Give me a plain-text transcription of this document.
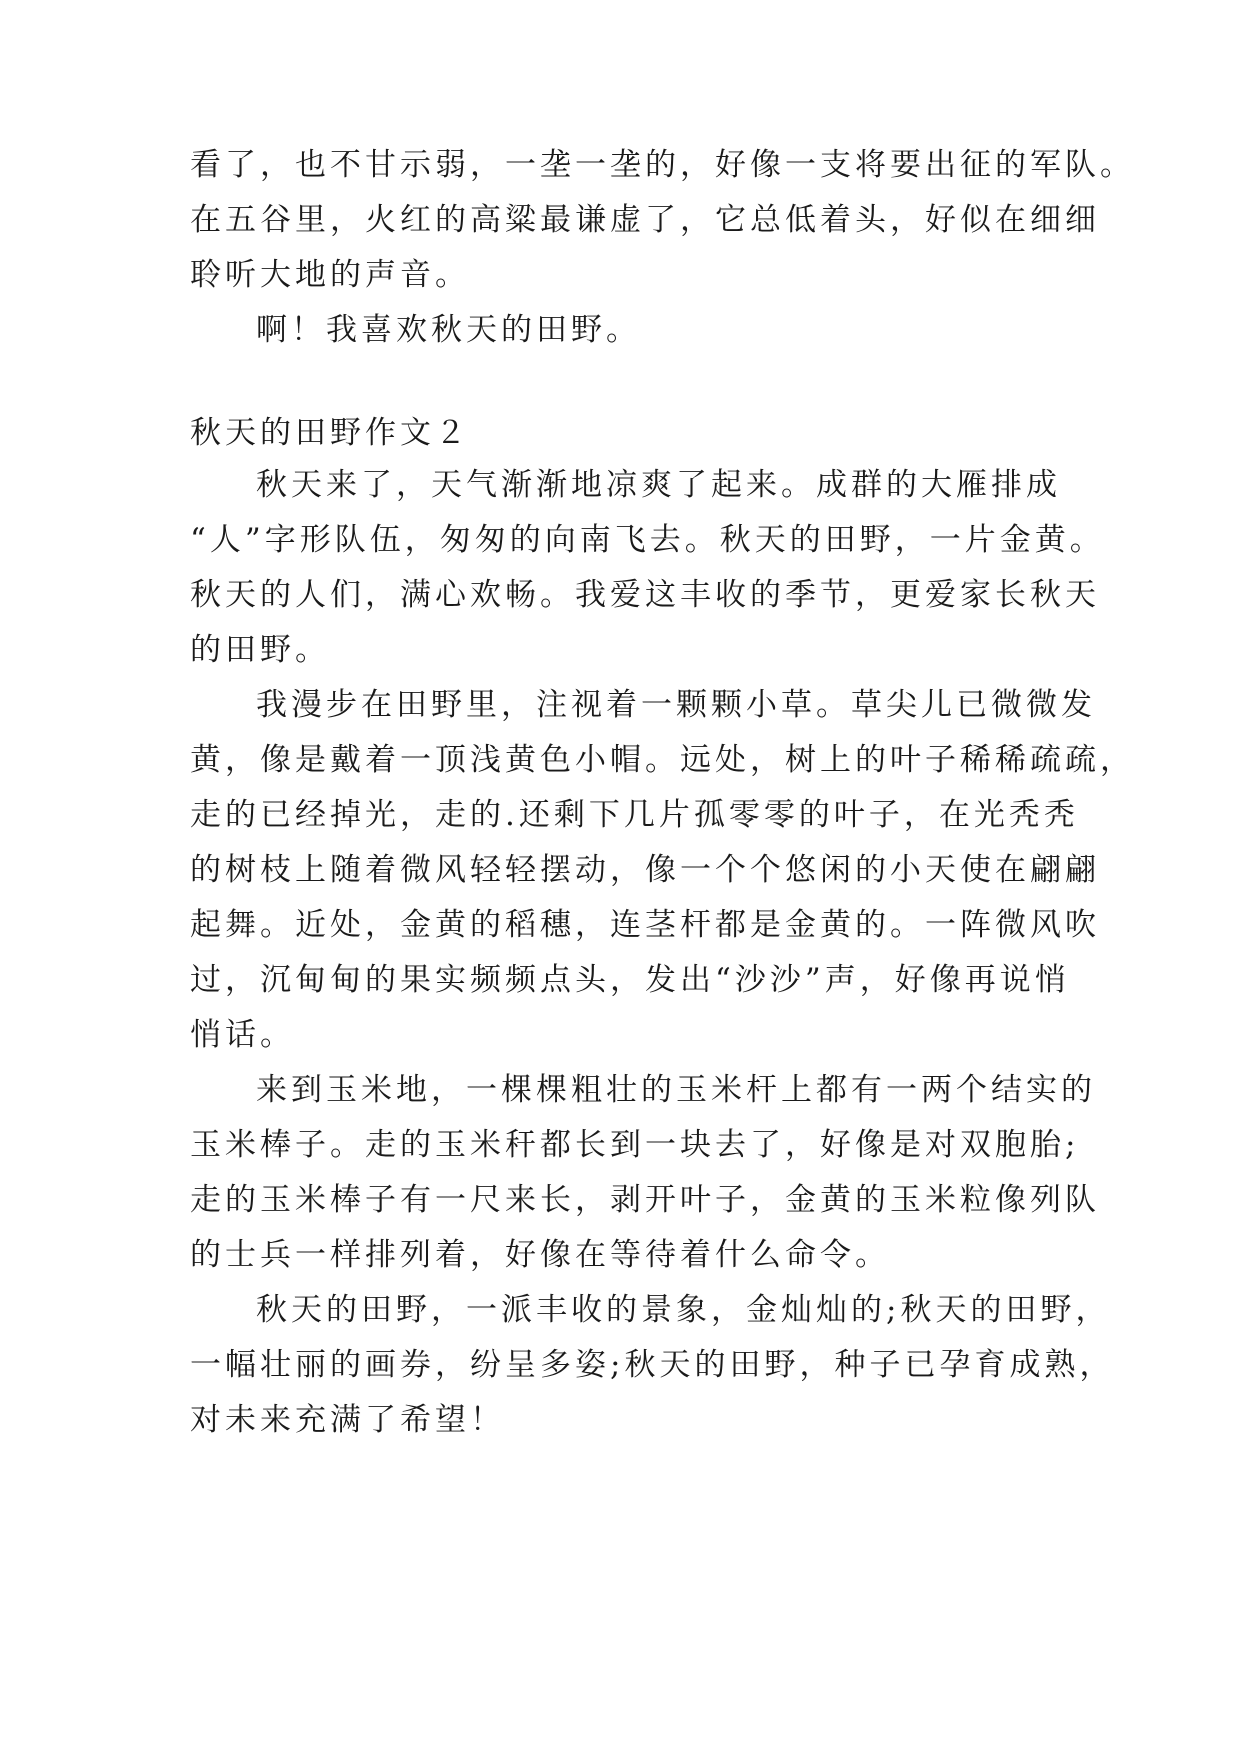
看了，也不甘示弱，一垄一垄的，好像一支将要出征的军队。
在五谷里，火红的高粱最谦虚了，它总低着头，好似在细细
聆听大地的声音。
啊！我喜欢秋天的田野。
秋天的田野作文２
秋天来了，天气渐渐地凉爽了起来。成群的大雁排成
“人”字形队伍，匆匆的向南飞去。秋天的田野，一片金黄。
秋天的人们，满心欢畅。我爱这丰收的季节，更爱家长秋天
的田野。
我漫步在田野里，注视着一颗颗小草。草尖儿已微微发
黄，像是戴着一顶浅黄色小帽。远处，树上的叶子稀稀疏疏，
走的已经掉光，走的.还剩下几片孤零零的叶子，在光秃秃
的树枝上随着微风轻轻摆动，像一个个悠闲的小天使在翩翩
起舞。近处，金黄的稻穗，连茎杆都是金黄的。一阵微风吹
过，沉甸甸的果实频频点头，发出“沙沙”声，好像再说悄
悄话。
来到玉米地，一棵棵粗壮的玉米杆上都有一两个结实的
玉米棒子。走的玉米秆都长到一块去了，好像是对双胞胎;
走的玉米棒子有一尺来长，剥开叶子，金黄的玉米粒像列队
的士兵一样排列着，好像在等待着什么命令。
秋天的田野，一派丰收的景象，金灿灿的;秋天的田野，
一幅壮丽的画券，纷呈多姿;秋天的田野，种子已孕育成熟，
对未来充满了希望！
